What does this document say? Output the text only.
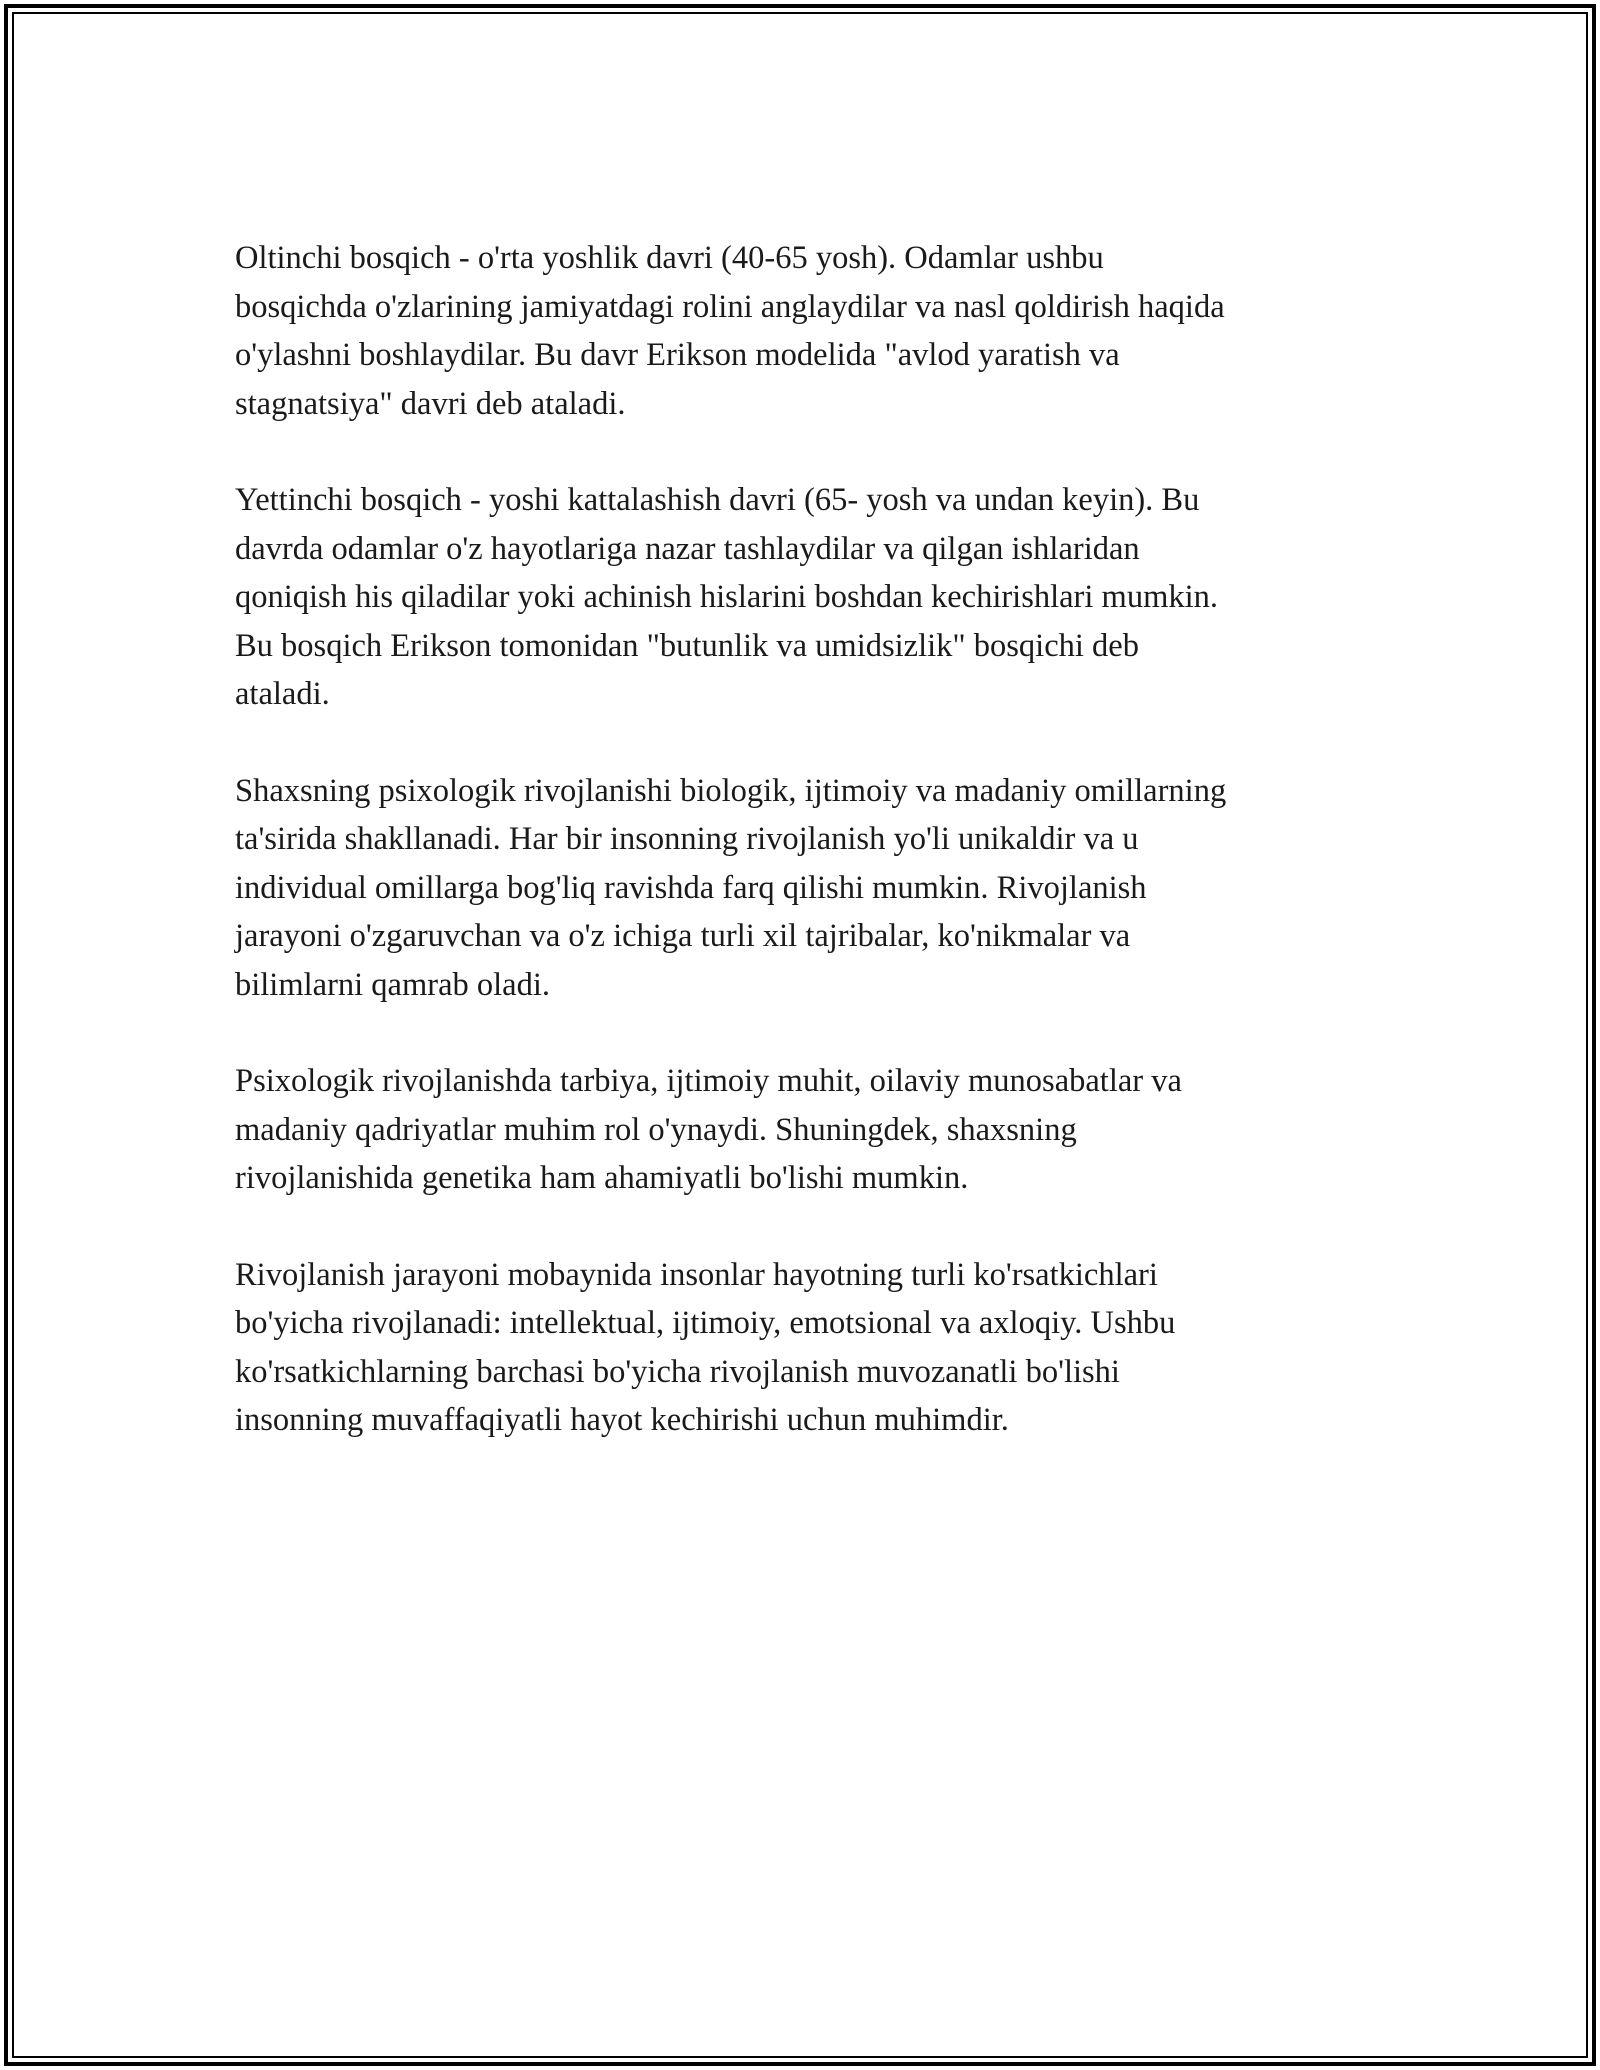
Oltinchi bosqich - o'rta yoshlik davri (40-65 yosh). Odamlar ushbu
bosqichda o'zlarining jamiyatdagi rolini anglaydilar va nasl qoldirish haqida
o'ylashni boshlaydilar. Bu davr Erikson modelida "avlod yaratish va
stagnatsiya" davri deb ataladi.

Yettinchi bosqich - yoshi kattalashish davri (65- yosh va undan keyin). Bu
davrda odamlar o'z hayotlariga nazar tashlaydilar va qilgan ishlaridan
qoniqish his qiladilar yoki achinish hislarini boshdan kechirishlari mumkin.
Bu bosqich Erikson tomonidan "butunlik va umidsizlik" bosqichi deb
ataladi.

Shaxsning psixologik rivojlanishi biologik, ijtimoiy va madaniy omillarning
ta'sirida shakllanadi. Har bir insonning rivojlanish yo'li unikaldir va u
individual omillarga bog'liq ravishda farq qilishi mumkin. Rivojlanish
jarayoni o'zgaruvchan va o'z ichiga turli xil tajribalar, ko'nikmalar va
bilimlarni qamrab oladi.

Psixologik rivojlanishda tarbiya, ijtimoiy muhit, oilaviy munosabatlar va
madaniy qadriyatlar muhim rol o'ynaydi. Shuningdek, shaxsning
rivojlanishida genetika ham ahamiyatli bo'lishi mumkin.

Rivojlanish jarayoni mobaynida insonlar hayotning turli ko'rsatkichlari
bo'yicha rivojlanadi: intellektual, ijtimoiy, emotsional va axloqiy. Ushbu
ko'rsatkichlarning barchasi bo'yicha rivojlanish muvozanatli bo'lishi
insonning muvaffaqiyatli hayot kechirishi uchun muhimdir.
